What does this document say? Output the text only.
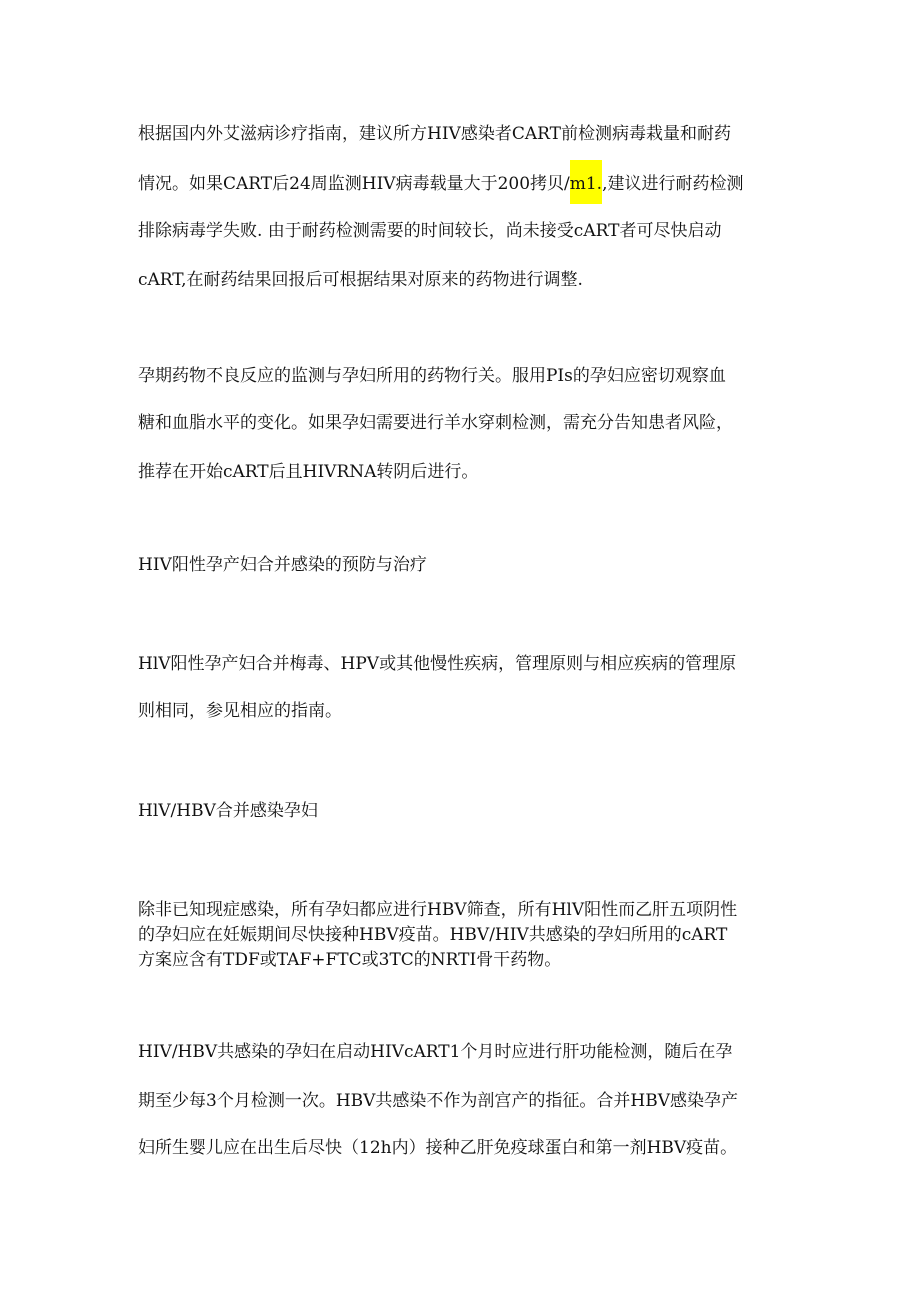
根据国内外艾滋病诊疗指南，建议所方HIV感染者CART前检测病毒栽量和耐药
情况。如果CART后24周监测HIV病毒载量大于200拷贝/m1.,建议进行耐药检测
排除病毒学失败. 由于耐药检测需要的时间较长，尚未接受cART者可尽快启动
cART,在耐药结果回报后可根据结果对原来的药物进行调整.
孕期药物不良反应的监测与孕妇所用的药物行关。服用PIs的孕妇应密切观察血
糖和血脂水平的变化。如果孕妇需要进行羊水穿刺检测，需充分告知患者风险，
推荐在开始cART后且HIVRNA转阴后进行。
HIV阳性孕产妇合并感染的预防与治疗
HlV阳性孕产妇合并梅毒、HPV或其他慢性疾病，管理原则与相应疾病的管理原
则相同，参见相应的指南。
HlV/HBV合并感染孕妇
除非已知现症感染，所有孕妇都应进行HBV筛查，所有HlV阳性而乙肝五项阴性
的孕妇应在妊娠期间尽快接种HBV疫苗。HBV/HIV共感染的孕妇所用的cART
方案应含有TDF或TAF+FTC或3TC的NRTI骨干药物。
HIV/HBV共感染的孕妇在启动HIVcART1个月时应进行肝功能检测，随后在孕
期至少每3个月检测一次。HBV共感染不作为剖宫产的指征。合并HBV感染孕产
妇所生婴儿应在出生后尽快（12h内）接种乙肝免疫球蛋白和第一剂HBV疫苗。
